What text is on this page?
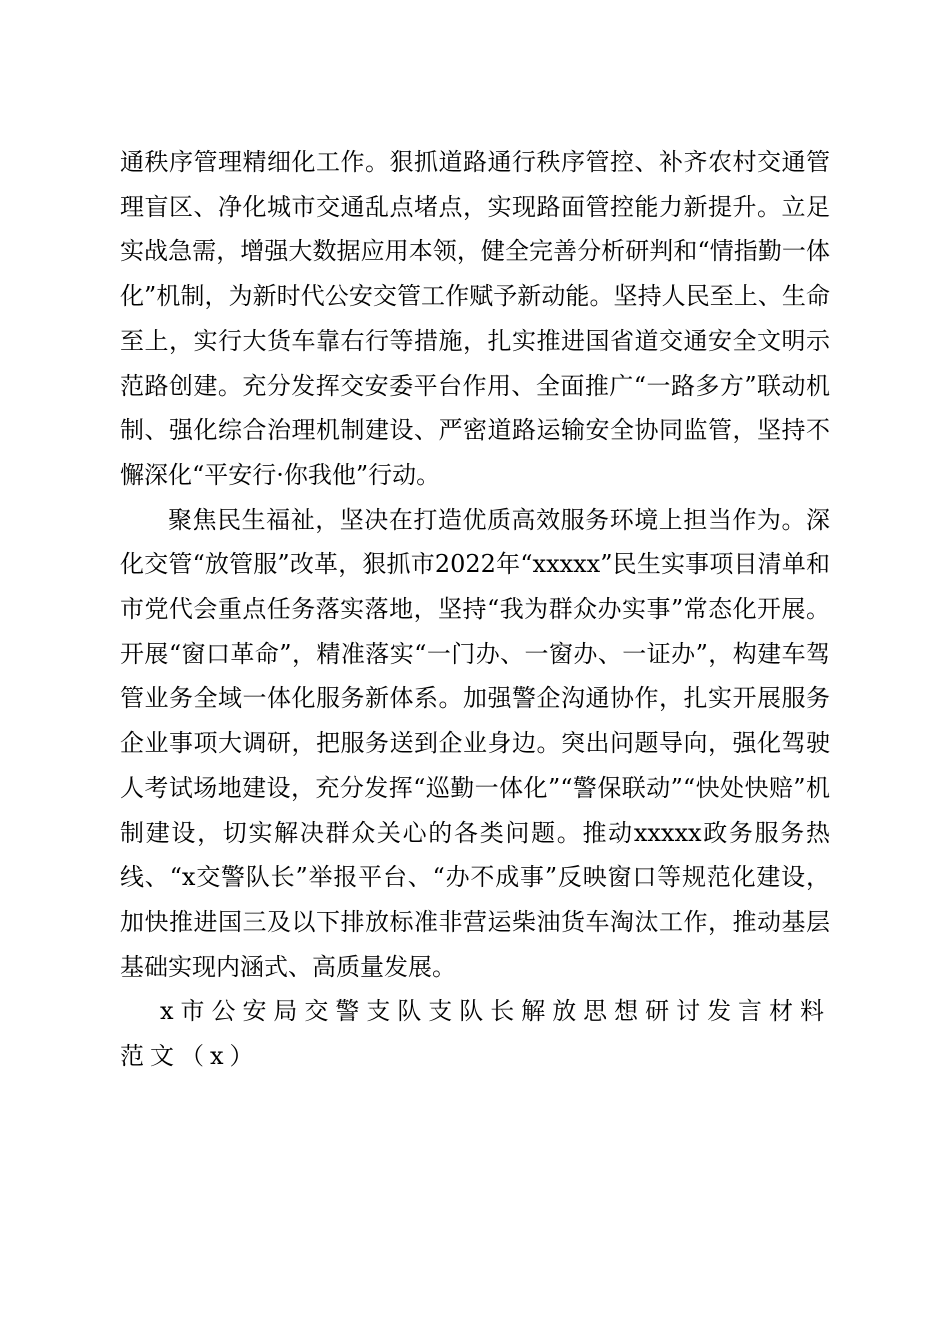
通秩序管理精细化工作。狠抓道路通行秩序管控、补齐农村交通管理盲区、净化城市交通乱点堵点，实现路面管控能力新提升。立足实战急需，增强大数据应用本领，健全完善分析研判和“情指勤一体化”机制，为新时代公安交管工作赋予新动能。坚持人民至上、生命至上，实行大货车靠右行等措施，扎实推进国省道交通安全文明示范路创建。充分发挥交安委平台作用、全面推广“一路多方”联动机制、强化综合治理机制建设、严密道路运输安全协同监管，坚持不懈深化“平安行·你我他”行动。

聚焦民生福祉，坚决在打造优质高效服务环境上担当作为。深化交管“放管服”改革，狠抓市2022年“xxxxx”民生实事项目清单和市党代会重点任务落实落地，坚持“我为群众办实事”常态化开展。开展“窗口革命”，精准落实“一门办、一窗办、一证办”，构建车驾管业务全域一体化服务新体系。加强警企沟通协作，扎实开展服务企业事项大调研，把服务送到企业身边。突出问题导向，强化驾驶人考试场地建设，充分发挥“巡勤一体化”“警保联动”“快处快赔”机制建设，切实解决群众关心的各类问题。推动xxxxx政务服务热线、“x交警队长”举报平台、“办不成事”反映窗口等规范化建设，加快推进国三及以下排放标准非营运柴油货车淘汰工作，推动基层基础实现内涵式、高质量发展。

x市公安局交警支队支队长解放思想研讨发言材料范文（x）
